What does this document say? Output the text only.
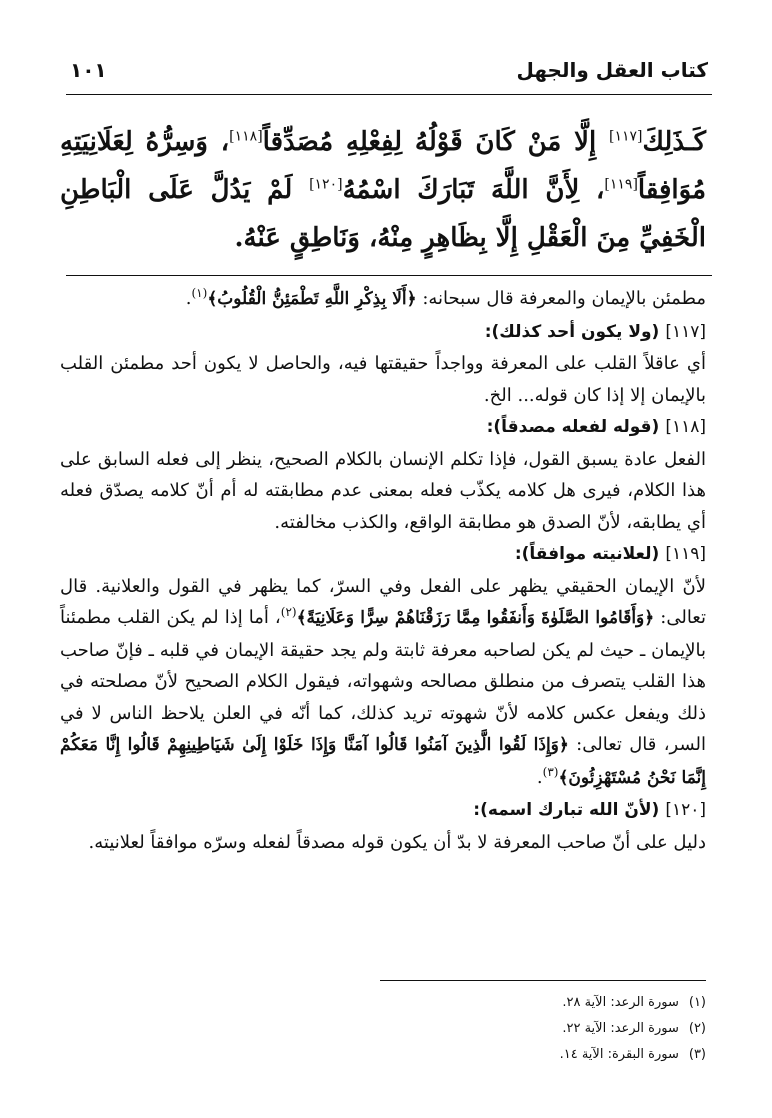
كتاب العقل والجهل
١٠١
كَـذَلِكَ[١١٧] إِلَّا مَنْ كَانَ قَوْلُهُ لِفِعْلِهِ مُصَدِّقاً[١١٨]، وَسِرُّهُ لِعَلَانِيَتِهِ مُوَافِقاً[١١٩]، لِأَنَّ اللَّهَ تَبَارَكَ اسْمُهُ[١٢٠] لَمْ يَدُلَّ عَلَى الْبَاطِنِ الْخَفِيِّ مِنَ الْعَقْلِ إِلَّا بِظَاهِرٍ مِنْهُ، وَنَاطِقٍ عَنْهُ.

مطمئن بالإيمان والمعرفة قال سبحانه: ﴿أَلَا بِذِكْرِ اللَّهِ تَطْمَئِنُّ الْقُلُوبُ﴾$^{(١)}$.

[١١٧](ولا يكون أحد كذلك):

أي عاقلاً القلب على المعرفة وواجداً حقيقتها فيه، والحاصل لا يكون أحد مطمئن القلب بالإيمان إلا إذا كان قوله... الخ.

[١١٨](قوله لفعله مصدقاً):

الفعل عادة يسبق القول، فإذا تكلم الإنسان بالكلام الصحيح، ينظر إلى فعله السابق على هذا الكلام، فيرى هل كلامه يكذّب فعله بمعنى عدم مطابقته له أم أنّ كلامه يصدّق فعله أي يطابقه، لأنّ الصدق هو مطابقة الواقع، والكذب مخالفته.

[١١٩](لعلانيته موافقاً):

لأنّ الإيمان الحقيقي يظهر على الفعل وفي السرّ، كما يظهر في القول والعلانية. قال تعالى: ﴿وَأَقَامُوا الصَّلَوٰةَ وَأَنفَقُوا مِمَّا رَزَقْنَاهُمْ سِرًّا وَعَلَانِيَةً﴾$^{(٢)}$، أما إذا لم يكن القلب مطمئناً بالإيمان ـ حيث لم يكن لصاحبه معرفة ثابتة ولم يجد حقيقة الإيمان في قلبه ـ فإنّ صاحب هذا القلب يتصرف من منطلق مصالحه وشهواته، فيقول الكلام الصحيح لأنّ مصلحته في ذلك ويفعل عكس كلامه لأنّ شهوته تريد كذلك، كما أنّه في العلن يلاحظ الناس لا في السر، قال تعالى: ﴿وَإِذَا لَقُوا الَّذِينَ آمَنُوا قَالُوا آمَنَّا وَإِذَا خَلَوْا إِلَىٰ شَيَاطِينِهِمْ قَالُوا إِنَّا مَعَكُمْ إِنَّمَا نَحْنُ مُسْتَهْزِئُونَ﴾$^{(٣)}$.

[١٢٠](لأنّ الله تبارك اسمه):

دليل على أنّ صاحب المعرفة لا بدّ أن يكون قوله مصدقاً لفعله وسرّه موافقاً لعلانيته.

(١)سورة الرعد: الآية ٢٨.
(٢)سورة الرعد: الآية ٢٢.
(٣)سورة البقرة: الآية ١٤.
